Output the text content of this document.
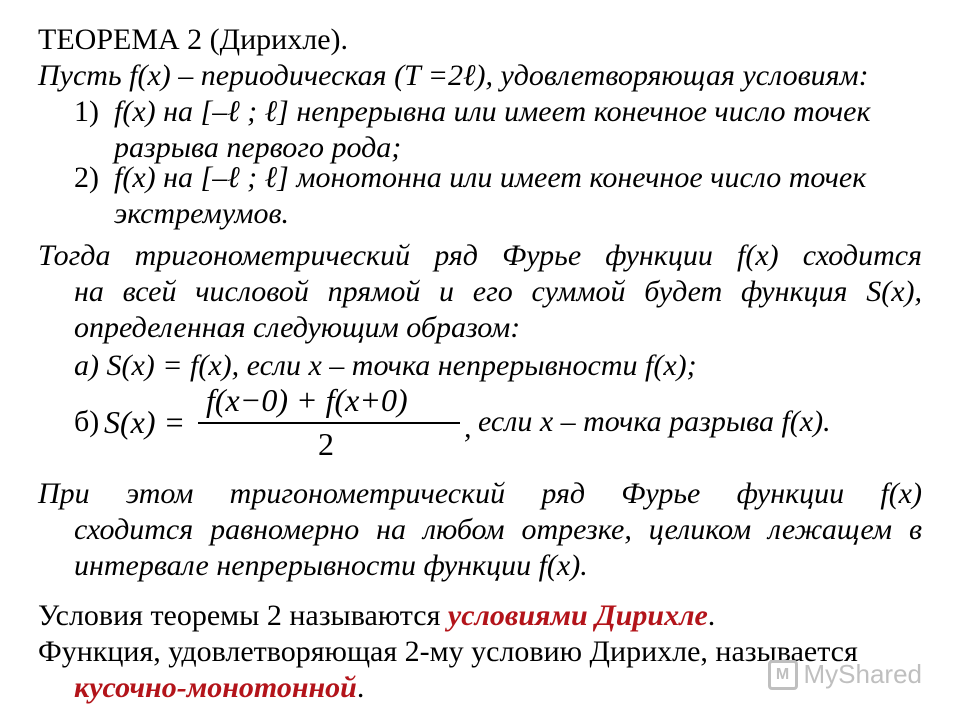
ТЕОРЕМА 2 (Дирихле).
Пусть f(x) – периодическая (T =2ℓ), удовлетворяющая условиям:
1) f(x) на [–ℓ ; ℓ] непрерывна или имеет конечное число точек
разрыва первого рода;
2) f(x) на [–ℓ ; ℓ] монотонна или имеет конечное число точек
экстремумов.
Тогда тригонометрический ряд Фурье функции f(x) сходится
на всей числовой прямой и его суммой будет функция S(x),
определенная следующим образом:
а) S(x) = f(x), если x – точка непрерывности f(x);
б) S(x) =
f(x−0) + f(x+0)
2	, если x – точка разрыва f(x).
При этом тригонометрический ряд Фурье функции f(x)
сходится равномерно на любом отрезке, целиком лежащем в
интервале непрерывности функции f(x).
Условия теоремы 2 называются условиями Дирихле.
Функция, удовлетворяющая 2-му условию Дирихле, называется
кусочно-монотонной.	M MyShared
